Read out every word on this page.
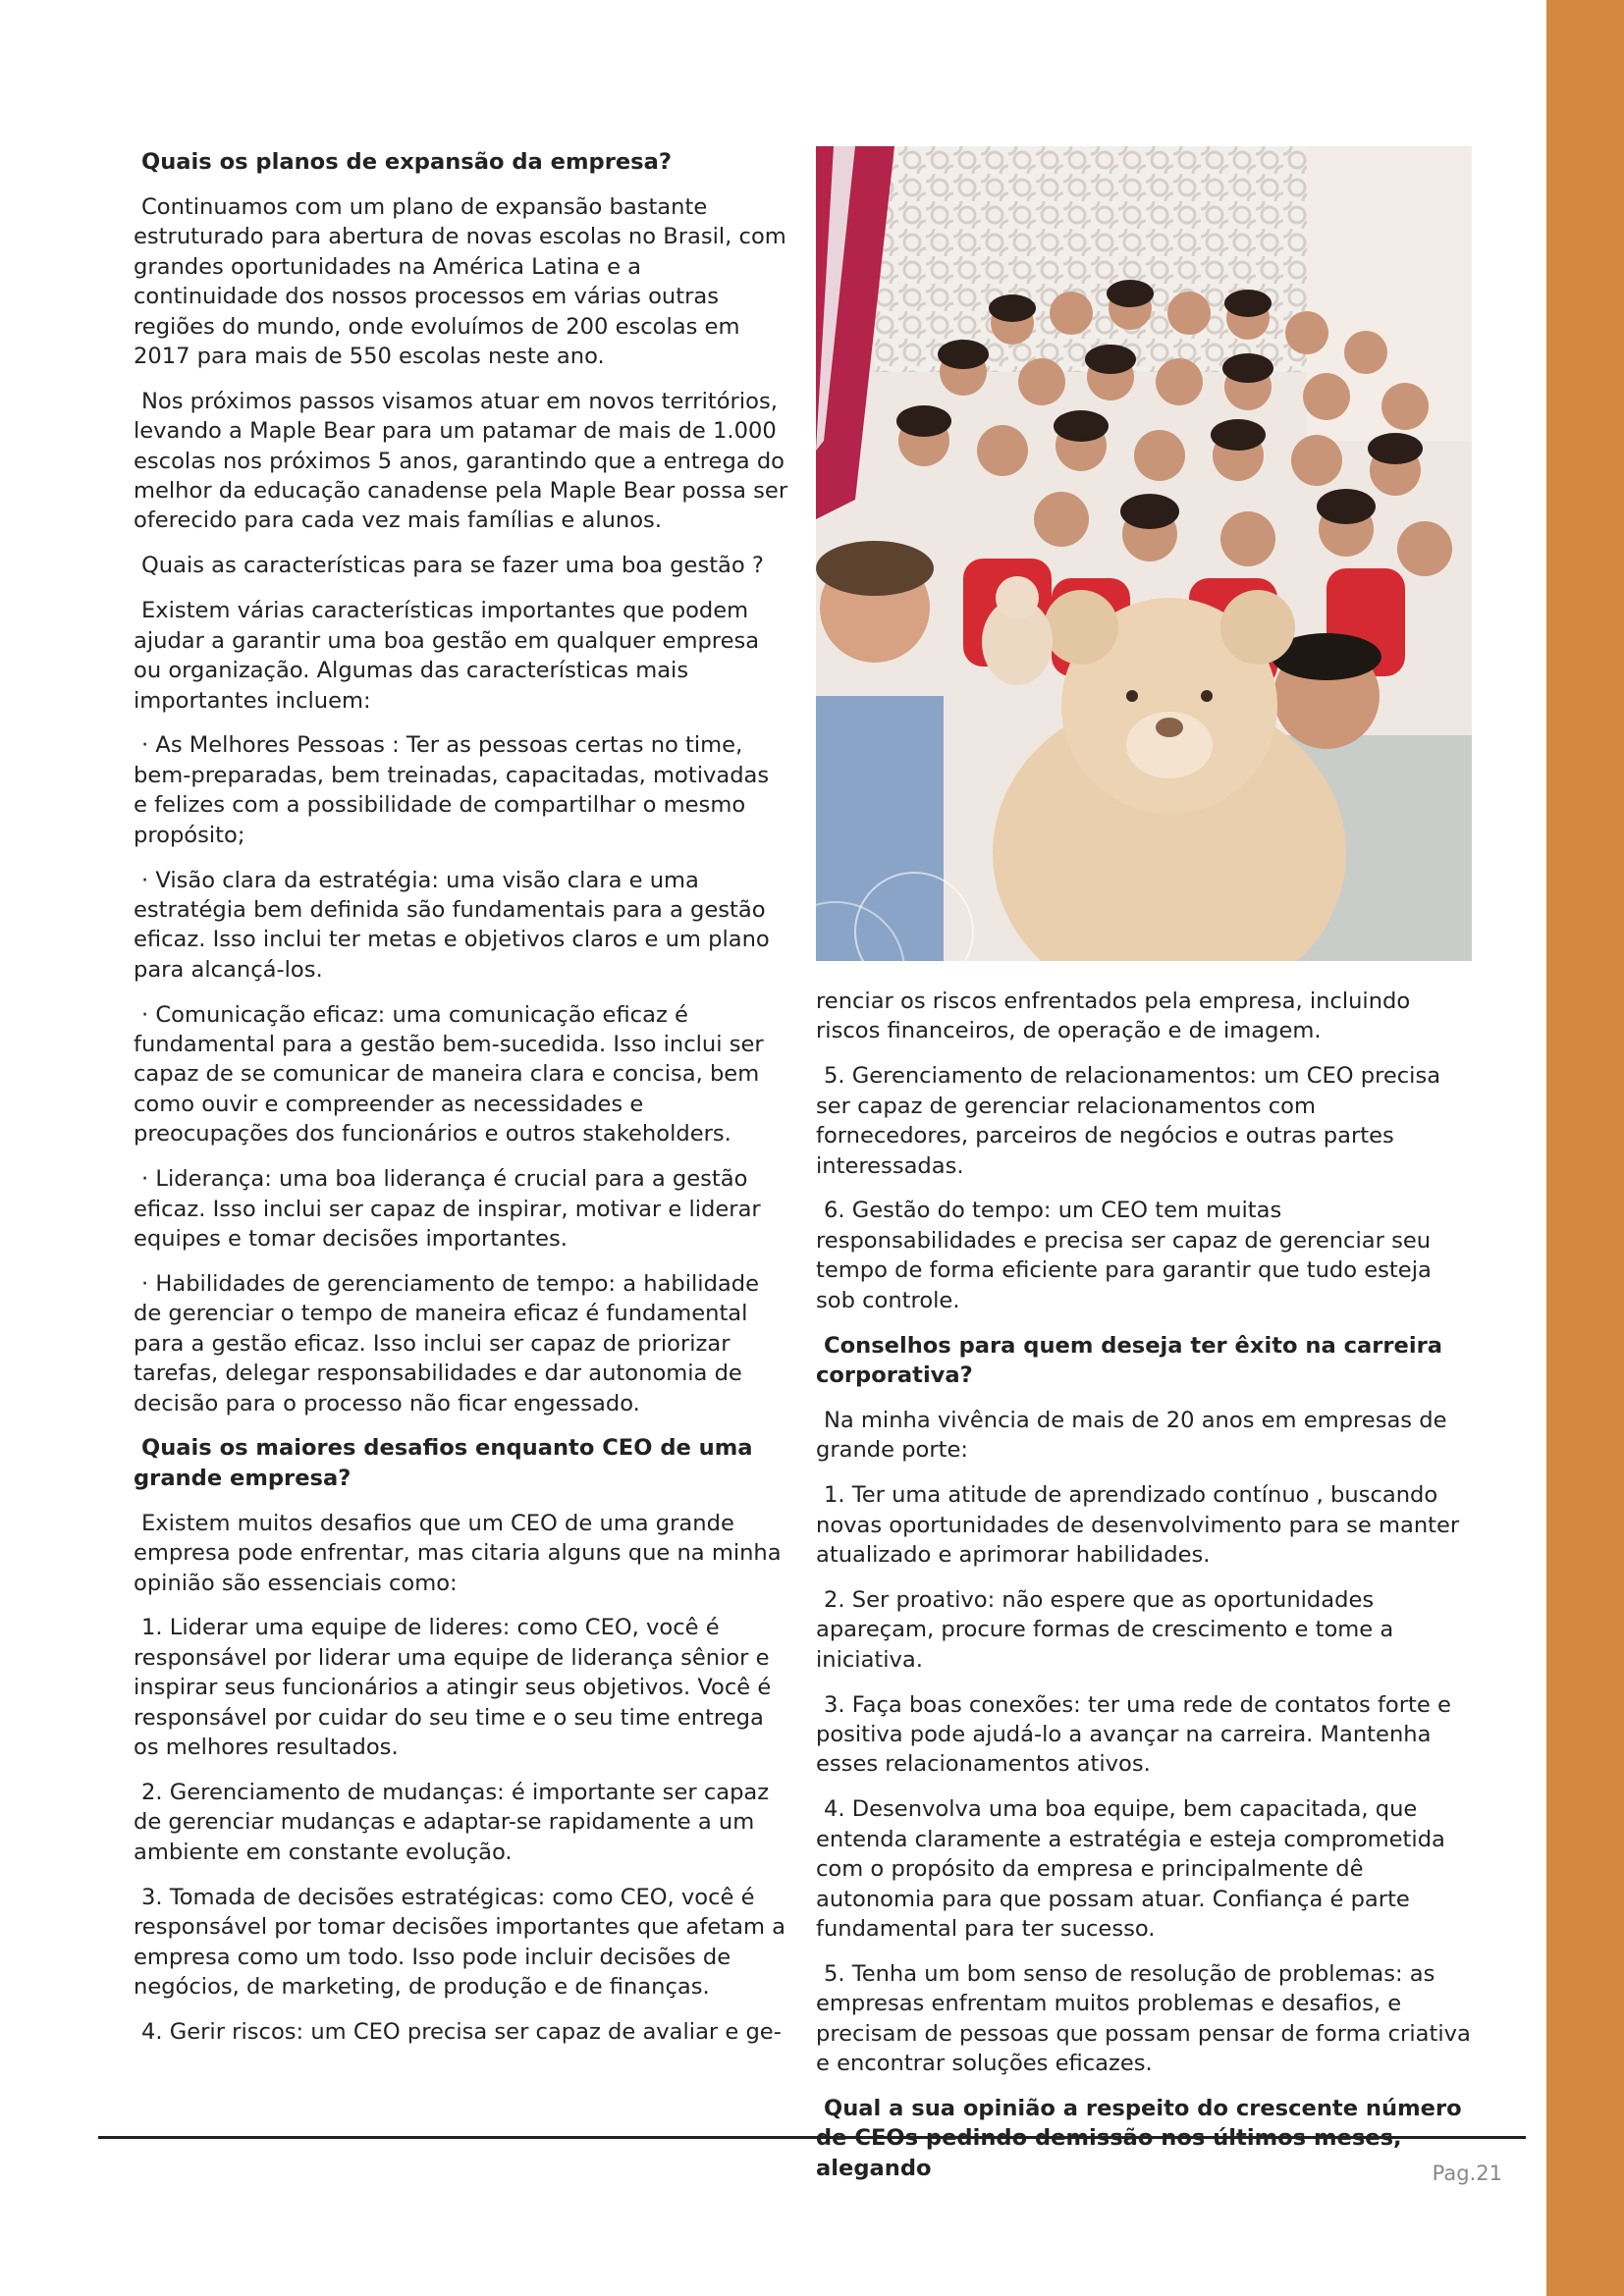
Quais os planos de expansão da empresa?

Continuamos com um plano de expansão bastante estruturado para abertura de novas escolas no Brasil, com grandes oportunidades na América Latina e a continuidade dos nossos processos em várias outras regiões do mundo, onde evoluímos de 200 escolas em 2017 para mais de 550 escolas neste ano.

Nos próximos passos visamos atuar em novos territórios, levando a Maple Bear para um patamar de mais de 1.000 escolas nos próximos 5 anos, garantindo que a entrega do melhor da educação canadense pela Maple Bear possa ser oferecido para cada vez mais famílias e alunos.

Quais as características para se fazer uma boa gestão ?

Existem várias características importantes que podem ajudar a garantir uma boa gestão em qualquer empresa ou organização. Algumas das características mais importantes incluem:

· As Melhores Pessoas : Ter as pessoas certas no time, bem-preparadas, bem treinadas, capacitadas, motivadas e felizes com a possibilidade de compartilhar o mesmo propósito;

· Visão clara da estratégia: uma visão clara e uma estratégia bem definida são fundamentais para a gestão eficaz. Isso inclui ter metas e objetivos claros e um plano para alcançá-los.

· Comunicação eficaz: uma comunicação eficaz é fundamental para a gestão bem-sucedida. Isso inclui ser capaz de se comunicar de maneira clara e concisa, bem como ouvir e compreender as necessidades e preocupações dos funcionários e outros stakeholders.

· Liderança: uma boa liderança é crucial para a gestão eficaz. Isso inclui ser capaz de inspirar, motivar e liderar equipes e tomar decisões importantes.

· Habilidades de gerenciamento de tempo: a habilidade de gerenciar o tempo de maneira eficaz é fundamental para a gestão eficaz. Isso inclui ser capaz de priorizar tarefas, delegar responsabilidades e dar autonomia de decisão para o processo não ficar engessado.

Quais os maiores desafios enquanto CEO de uma grande empresa?

Existem muitos desafios que um CEO de uma grande empresa pode enfrentar, mas citaria alguns que na minha opinião são essenciais como:

1. Liderar uma equipe de lideres: como CEO, você é responsável por liderar uma equipe de liderança sênior e inspirar seus funcionários a atingir seus objetivos. Você é responsável por cuidar do seu time e o seu time entrega os melhores resultados.

2. Gerenciamento de mudanças: é importante ser capaz de gerenciar mudanças e adaptar-se rapidamente a um ambiente em constante evolução.

3. Tomada de decisões estratégicas: como CEO, você é responsável por tomar decisões importantes que afetam a empresa como um todo. Isso pode incluir decisões de negócios, de marketing, de produção e de finanças.

4. Gerir riscos: um CEO precisa ser capaz de avaliar e ge-

renciar os riscos enfrentados pela empresa, incluindo riscos financeiros, de operação e de imagem.

5. Gerenciamento de relacionamentos: um CEO precisa ser capaz de gerenciar relacionamentos com fornecedores, parceiros de negócios e outras partes interessadas.

6. Gestão do tempo: um CEO tem muitas responsabilidades e precisa ser capaz de gerenciar seu tempo de forma eficiente para garantir que tudo esteja sob controle.

Conselhos para quem deseja ter êxito na carreira corporativa?

Na minha vivência de mais de 20 anos em empresas de grande porte:

1. Ter uma atitude de aprendizado contínuo , buscando novas oportunidades de desenvolvimento para se manter atualizado e aprimorar habilidades.

2. Ser proativo: não espere que as oportunidades apareçam, procure formas de crescimento e tome a iniciativa.

3. Faça boas conexões: ter uma rede de contatos forte e positiva pode ajudá-lo a avançar na carreira. Mantenha esses relacionamentos ativos.

4. Desenvolva uma boa equipe, bem capacitada, que entenda claramente a estratégia e esteja comprometida com o propósito da empresa e principalmente dê autonomia para que possam atuar. Confiança é parte fundamental para ter sucesso.

5. Tenha um bom senso de resolução de problemas: as empresas enfrentam muitos problemas e desafios, e precisam de pessoas que possam pensar de forma criativa e encontrar soluções eficazes.

Qual a sua opinião a respeito do crescente número alegando	Pag.21
